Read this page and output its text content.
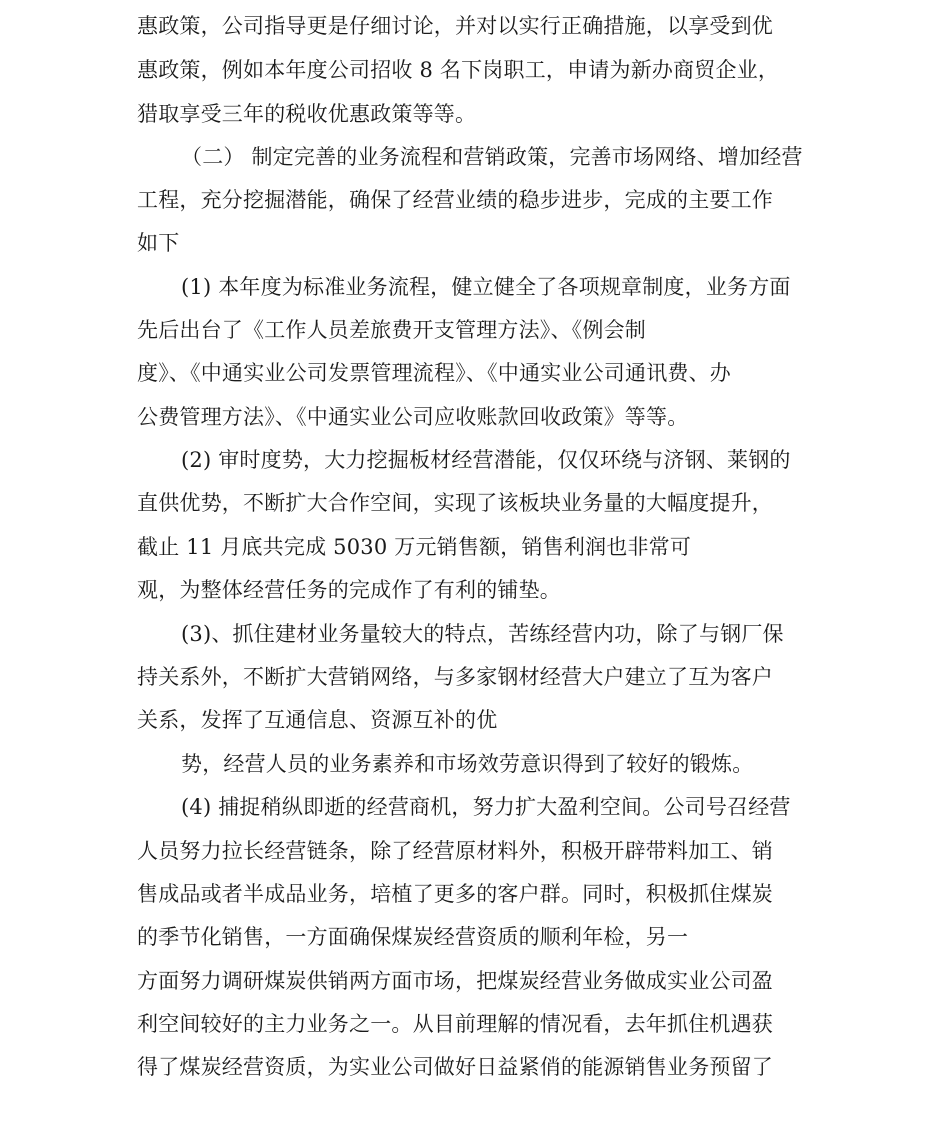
惠政策，公司指导更是仔细讨论，并对以实行正确措施，以享受到优
惠政策，例如本年度公司招收 8 名下岗职工，申请为新办商贸企业，
猎取享受三年的税收优惠政策等等。
（二） 制定完善的业务流程和营销政策，完善市场网络、增加经营
工程，充分挖掘潜能，确保了经营业绩的稳步进步，完成的主要工作
如下
(1) 本年度为标准业务流程，健立健全了各项规章制度，业务方面
先后出台了《工作人员差旅费开支管理方法》、《例会制
度》、《中通实业公司发票管理流程》、《中通实业公司通讯费、办
公费管理方法》、《中通实业公司应收账款回收政策》等等。
(2) 审时度势，大力挖掘板材经营潜能，仅仅环绕与济钢、莱钢的
直供优势，不断扩大合作空间，实现了该板块业务量的大幅度提升，
截止 11 月底共完成 5030 万元销售额，销售利润也非常可
观，为整体经营任务的完成作了有利的铺垫。
(3)、抓住建材业务量较大的特点，苦练经营内功，除了与钢厂保
持关系外，不断扩大营销网络，与多家钢材经营大户建立了互为客户
关系，发挥了互通信息、资源互补的优
势，经营人员的业务素养和市场效劳意识得到了较好的锻炼。
(4) 捕捉稍纵即逝的经营商机，努力扩大盈利空间。公司号召经营
人员努力拉长经营链条，除了经营原材料外，积极开辟带料加工、销
售成品或者半成品业务，培植了更多的客户群。同时，积极抓住煤炭
的季节化销售，一方面确保煤炭经营资质的顺利年检，另一
方面努力调研煤炭供销两方面市场，把煤炭经营业务做成实业公司盈
利空间较好的主力业务之一。从目前理解的情况看，去年抓住机遇获
得了煤炭经营资质，为实业公司做好日益紧俏的能源销售业务预留了
